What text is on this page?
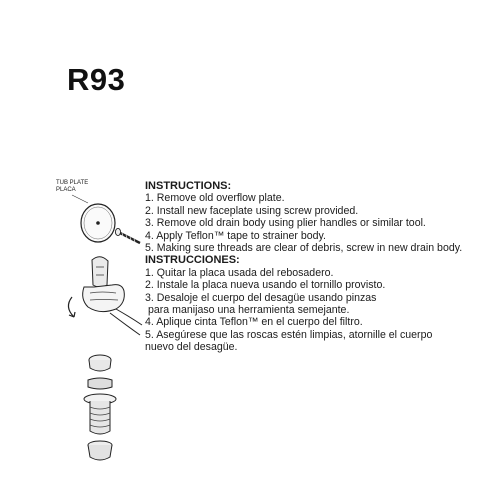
R93
TUB PLATE
PLACA	INSTRUCTIONS:
1. Remove old overflow plate.
2. Install new faceplate using screw provided.
3. Remove old drain body using plier handles or similar tool.
4. Apply Teflon™ tape to strainer body.
5. Making sure threads are clear of debris, screw in new drain body.
INSTRUCCIONES:
1. Quitar la placa usada del rebosadero.
2. Instale la placa nueva usando el tornillo provisto.
3. Desaloje el cuerpo del desagüe usando pinzas
para manijaso una herramienta semejante.
4. Aplique cinta Teflon™ en el cuerpo del filtro.
5. Asegúrese que las roscas estén limpias, atornille el cuerpo
nuevo del desagüe.
